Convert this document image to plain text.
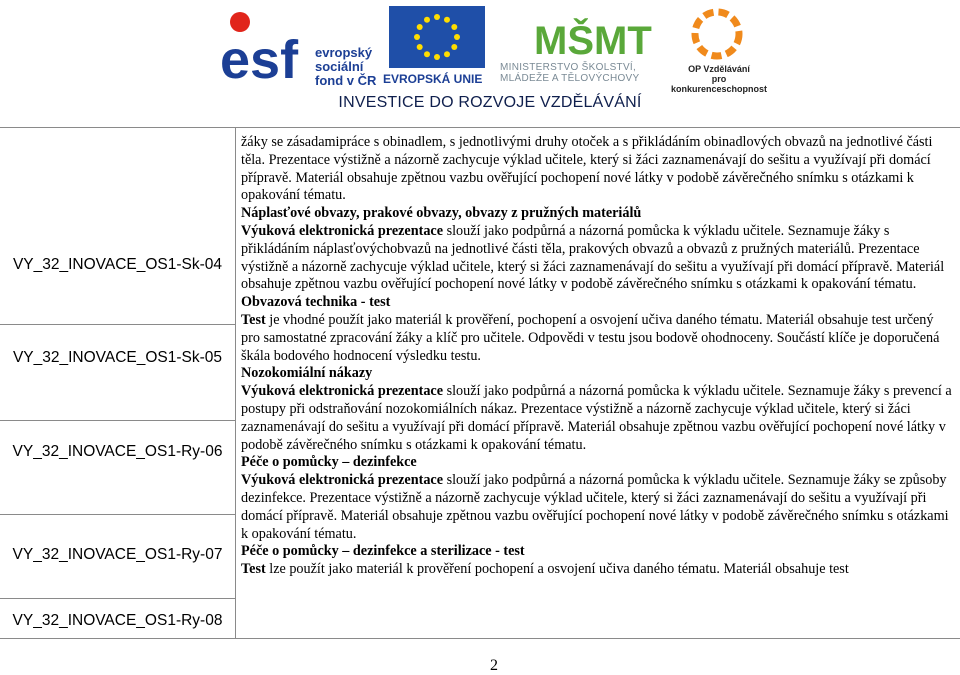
esf evropský
sociální
fond v ČR EVROPSKÁ UNIE
MŠMT
MINISTERSTVO ŠKOLSTVÍ,
MLÁDEŽE A TĚLOVÝCHOVY
OP Vzdělávání
pro konkurenceschopnost
INVESTICE DO ROZVOJE VZDĚLÁVÁNÍ
VY_32_INOVACE_OS1-Sk-04
VY_32_INOVACE_OS1-Sk-05
VY_32_INOVACE_OS1-Ry-06
VY_32_INOVACE_OS1-Ry-07
VY_32_INOVACE_OS1-Ry-08

žáky se zásadamipráce s obinadlem, s jednotlivými druhy otoček a s přikládáním obinadlových obvazů na jednotlivé části těla. Prezentace výstižně a názorně zachycuje výklad učitele, který si žáci zaznamenávají do sešitu a využívají při domácí přípravě. Materiál obsahuje zpětnou vazbu ověřující pochopení nové látky v podobě závěrečného snímku s otázkami k opakování tématu.

Náplasťové obvazy, prakové obvazy, obvazy z pružných materiálů
Výuková elektronická prezentace slouží jako podpůrná a názorná pomůcka k výkladu učitele. Seznamuje žáky s přikládáním náplasťovýchobvazů na jednotlivé části těla, prakových obvazů a obvazů z pružných materiálů. Prezentace výstižně a názorně zachycuje výklad učitele, který si žáci zaznamenávají do sešitu a využívají při domácí přípravě. Materiál obsahuje zpětnou vazbu ověřující pochopení nové látky v podobě závěrečného snímku s otázkami k opakování tématu.

Obvazová technika - test
Test je vhodné použít jako materiál k prověření, pochopení a osvojení učiva daného tématu. Materiál obsahuje test určený pro samostatné zpracování žáky a klíč pro učitele. Odpovědi v testu jsou bodově ohodnoceny. Součástí klíče je doporučená škála bodového hodnocení výsledku testu.

Nozokomiální nákazy
Výuková elektronická prezentace slouží jako podpůrná a názorná pomůcka k výkladu učitele. Seznamuje žáky s prevencí a postupy při odstraňování nozokomiálních nákaz. Prezentace výstižně a názorně zachycuje výklad učitele, který si žáci zaznamenávají do sešitu a využívají při domácí přípravě. Materiál obsahuje zpětnou vazbu ověřující pochopení nové látky v podobě závěrečného snímku s otázkami k opakování tématu.

Péče o pomůcky – dezinfekce
Výuková elektronická prezentace slouží jako podpůrná a názorná pomůcka k výkladu učitele. Seznamuje žáky se způsoby dezinfekce. Prezentace výstižně a názorně zachycuje výklad učitele, který si žáci zaznamenávají do sešitu a využívají při domácí přípravě. Materiál obsahuje zpětnou vazbu ověřující pochopení nové látky v podobě závěrečného snímku s otázkami k opakování tématu.

Péče o pomůcky – dezinfekce a sterilizace - test
Test lze použít jako materiál k prověření pochopení a osvojení učiva daného tématu. Materiál obsahuje test

2
